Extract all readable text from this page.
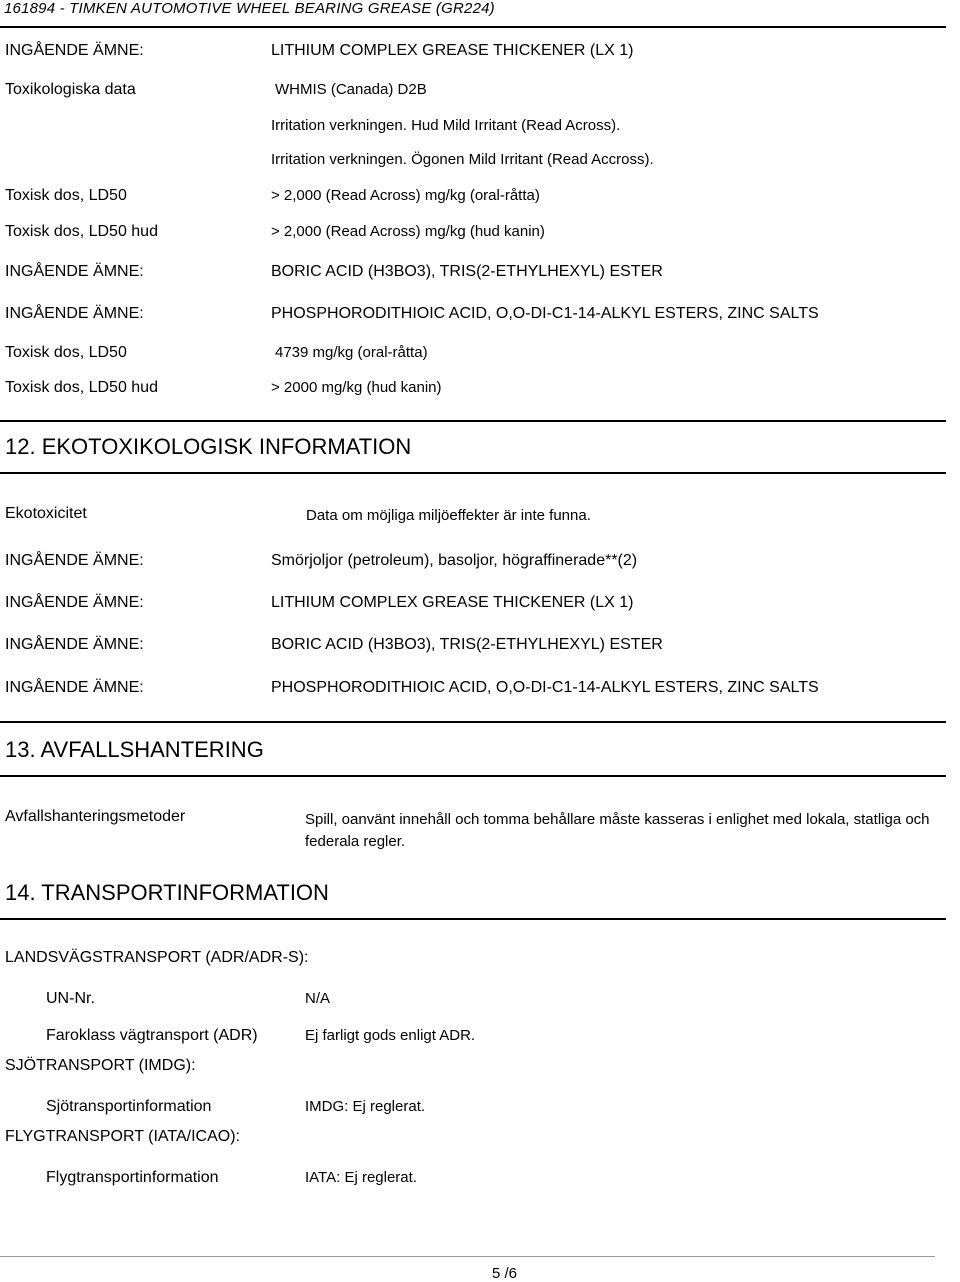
161894 - TIMKEN AUTOMOTIVE WHEEL BEARING GREASE (GR224)
INGÅENDE ÄMNE:	LITHIUM COMPLEX GREASE THICKENER (LX 1)
Toxikologiska data	WHMIS (Canada) D2B
Irritation verkningen. Hud Mild Irritant (Read Across).
Irritation verkningen. Ögonen Mild Irritant (Read Accross).
Toxisk dos, LD50	> 2,000 (Read Across) mg/kg (oral-råtta)
Toxisk dos, LD50 hud	> 2,000 (Read Across) mg/kg (hud kanin)
INGÅENDE ÄMNE:	BORIC ACID (H3BO3), TRIS(2-ETHYLHEXYL) ESTER
INGÅENDE ÄMNE:	PHOSPHORODITHIOIC ACID, O,O-DI-C1-14-ALKYL ESTERS, ZINC SALTS
Toxisk dos, LD50	4739 mg/kg (oral-råtta)
Toxisk dos, LD50 hud	> 2000 mg/kg (hud kanin)
12. EKOTOXIKOLOGISK INFORMATION
Ekotoxicitet	Data om möjliga miljöeffekter är inte funna.
INGÅENDE ÄMNE:	Smörjoljor (petroleum), basoljor, högraffinerade**(2)
INGÅENDE ÄMNE:	LITHIUM COMPLEX GREASE THICKENER (LX 1)
INGÅENDE ÄMNE:	BORIC ACID (H3BO3), TRIS(2-ETHYLHEXYL) ESTER
INGÅENDE ÄMNE:	PHOSPHORODITHIOIC ACID, O,O-DI-C1-14-ALKYL ESTERS, ZINC SALTS
13. AVFALLSHANTERING
Avfallshanteringsmetoder	Spill, oanvänt innehåll och tomma behållare måste kasseras i enlighet med lokala, statliga och federala regler.
14. TRANSPORTINFORMATION
LANDSVÄGSTRANSPORT (ADR/ADR-S):
UN-Nr.	N/A
Faroklass vägtransport (ADR)	Ej farligt gods enligt ADR.
SJÖTRANSPORT (IMDG):
Sjötransportinformation	IMDG: Ej reglerat.
FLYGTRANSPORT (IATA/ICAO):
Flygtransportinformation	IATA: Ej reglerat.
5 /6
